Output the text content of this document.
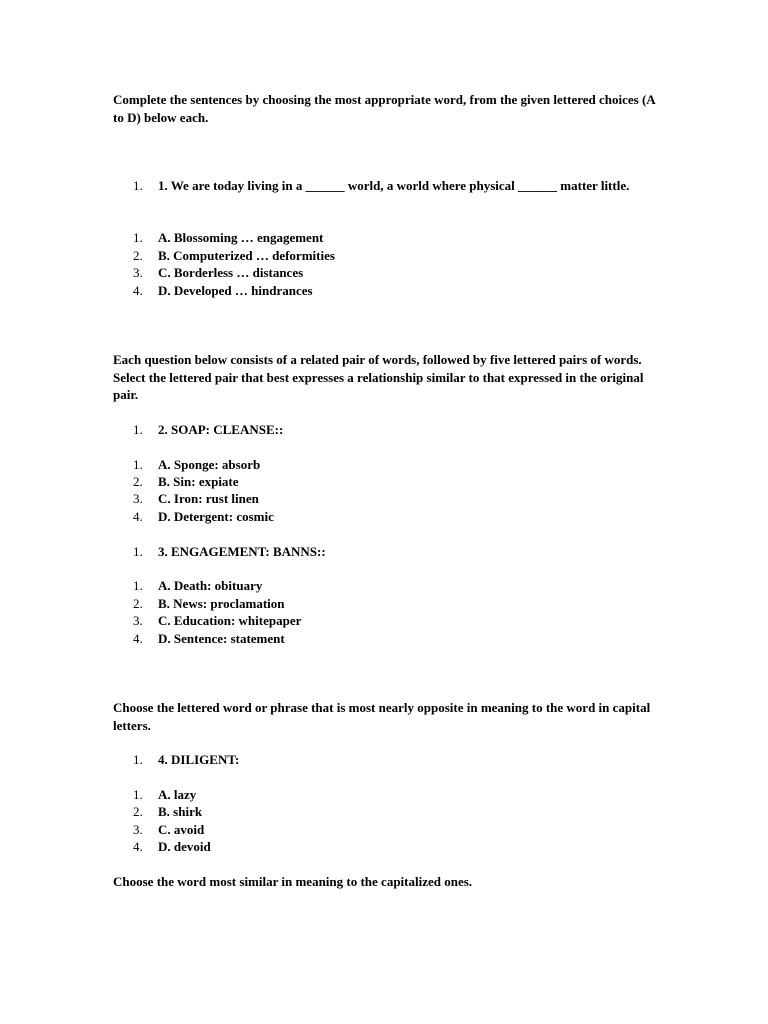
Complete the sentences by choosing the most appropriate word, from the given lettered choices (A to D) below each.

1.	1. We are today living in a ______ world, a world where physical ______ matter little.
1.	A. Blossoming … engagement
2.	B. Computerized … deformities
3.	C. Borderless … distances
4.	D. Developed … hindrances

Each question below consists of a related pair of words, followed by five lettered pairs of words. Select the lettered pair that best expresses a relationship similar to that expressed in the original pair.

1.	2. SOAP: CLEANSE::
1.	A. Sponge: absorb
2.	B. Sin: expiate
3.	C. Iron: rust linen
4.	D. Detergent: cosmic
1.	3. ENGAGEMENT: BANNS::
1.	A. Death: obituary
2.	B. News: proclamation
3.	C. Education: whitepaper
4.	D. Sentence: statement

Choose the lettered word or phrase that is most nearly opposite in meaning to the word in capital letters.

1.	4. DILIGENT:
1.	A. lazy
2.	B. shirk
3.	C. avoid
4.	D. devoid

Choose the word most similar in meaning to the capitalized ones.
